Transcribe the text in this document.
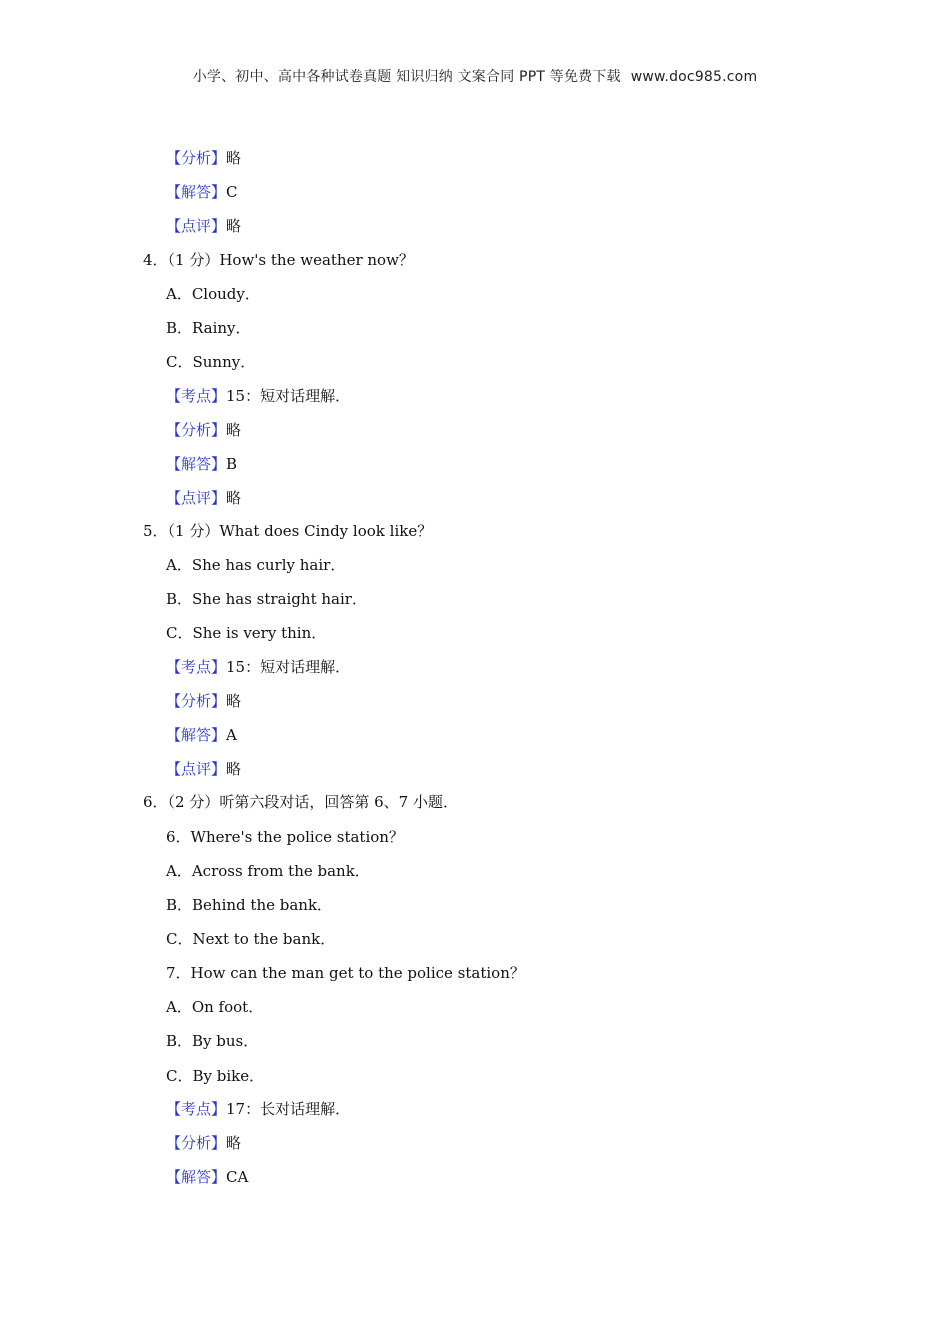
小学、初中、高中各种试卷真题 知识归纳 文案合同 PPT 等免费下载 www.doc985.com
【分析】略
【解答】C
【点评】略
4．（1 分）How's the weather now？
A．Cloudy．
B．Rainy．
C．Sunny．
【考点】15：短对话理解．
【分析】略
【解答】B
【点评】略
5．（1 分）What does Cindy look like？
A．She has curly hair．
B．She has straight hair．
C．She is very thin．
【考点】15：短对话理解．
【分析】略
【解答】A
【点评】略
6．（2 分）听第六段对话，回答第 6、7 小题．
6．Where's the police station？
A．Across from the bank．
B．Behind the bank．
C．Next to the bank．
7．How can the man get to the police station？
A．On foot．
B．By bus．
C．By bike．
【考点】17：长对话理解．
【分析】略
【解答】CA
